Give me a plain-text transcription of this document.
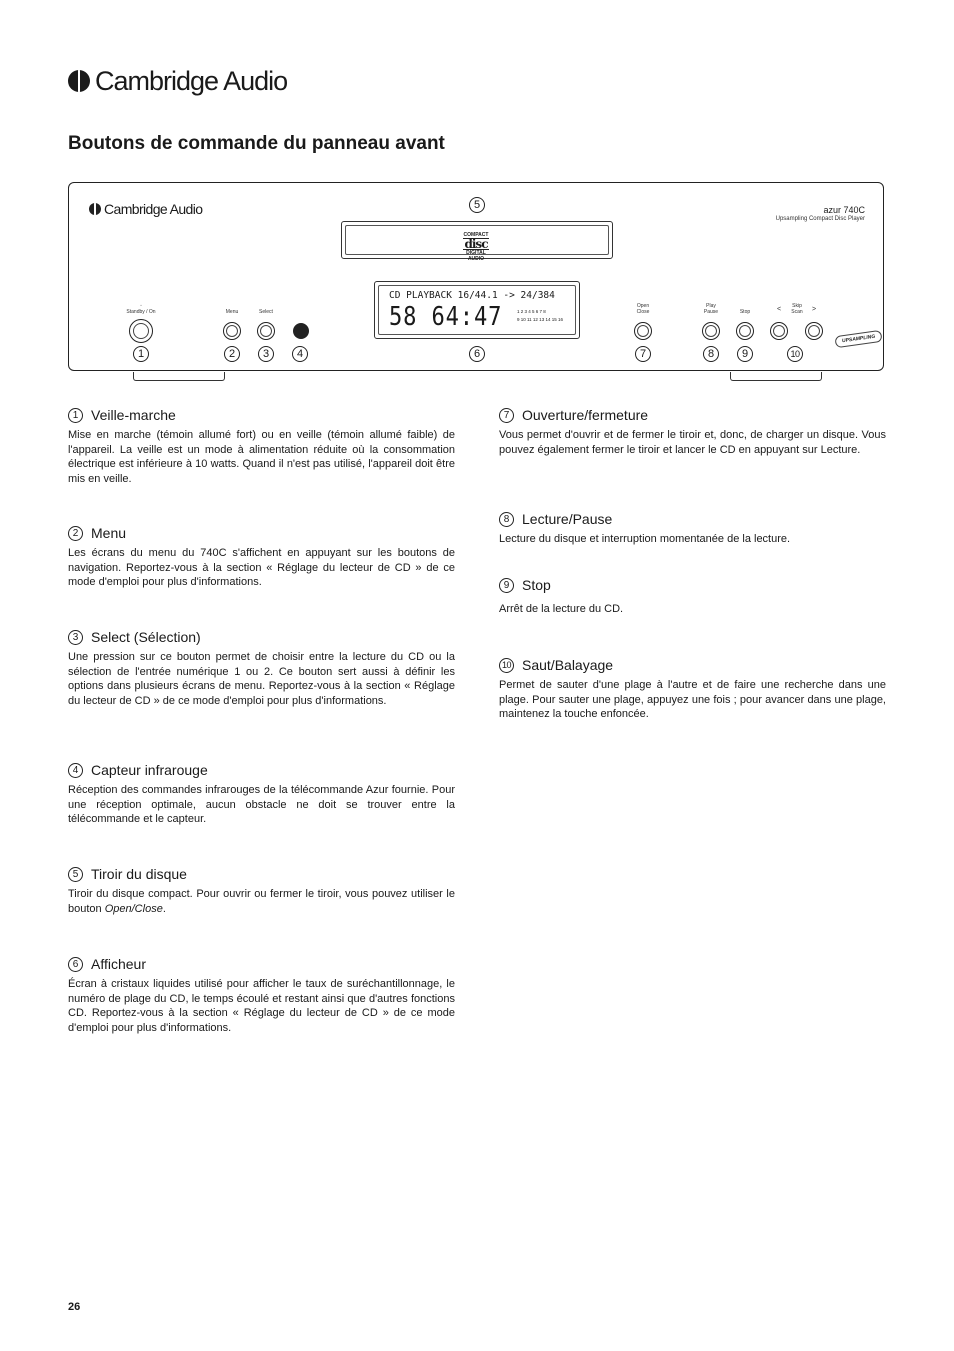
Cambridge Audio
Boutons de commande du panneau avant
Cambridge Audio	azur 740C
Upsampling Compact Disc Player
COMPACT
disc
DIGITAL AUDIO
CD PLAYBACK 16/44.1 -> 24/384
58 64:47	1 2 3 4 5 6 7 8
9 10 11 12 13 14 15 16
◦
Standby / On	Menu	Select
Open
Close
Play
Pause	Stop
Skip
Scan
<	>
UPSAMPLING
5
1	2	3	4	6	7	8	9	10
1 Veille-marche

Mise en marche (témoin allumé fort) ou en veille (témoin allumé faible) de l'appareil. La veille est un mode à alimentation réduite où la consommation électrique est inférieure à 10 watts. Quand il n'est pas utilisé, l'appareil doit être mis en veille.

2 Menu

Les écrans du menu du 740C s'affichent en appuyant sur les boutons de navigation. Reportez-vous à la section « Réglage du lecteur de CD » de ce mode d'emploi pour plus d'informations.

3 Select (Sélection)

Une pression sur ce bouton permet de choisir entre la lecture du CD ou la sélection de l'entrée numérique 1 ou 2. Ce bouton sert aussi à définir les options dans plusieurs écrans de menu. Reportez-vous à la section « Réglage du lecteur de CD » de ce mode d'emploi pour plus d'informations.

4 Capteur infrarouge

Réception des commandes infrarouges de la télécommande Azur fournie. Pour une réception optimale, aucun obstacle ne doit se trouver entre la télécommande et le capteur.

5 Tiroir du disque

Tiroir du disque compact. Pour ouvrir ou fermer le tiroir, vous pouvez utiliser le bouton Open/Close.

6 Afficheur

Écran à cristaux liquides utilisé pour afficher le taux de suréchantillonnage, le numéro de plage du CD, le temps écoulé et restant ainsi que d'autres fonctions CD. Reportez-vous à la section « Réglage du lecteur de CD » de ce mode d'emploi pour plus d'informations.

7 Ouverture/fermeture

Vous permet d'ouvrir et de fermer le tiroir et, donc, de charger un disque. Vous pouvez également fermer le tiroir et lancer le CD en appuyant sur Lecture.

8 Lecture/Pause

Lecture du disque et interruption momentanée de la lecture.

9 Stop

Arrêt de la lecture du CD.

10 Saut/Balayage

Permet de sauter d'une plage à l'autre et de faire une recherche dans une plage. Pour sauter une plage, appuyez une fois ; pour avancer dans une plage, maintenez la touche enfoncée.

26
